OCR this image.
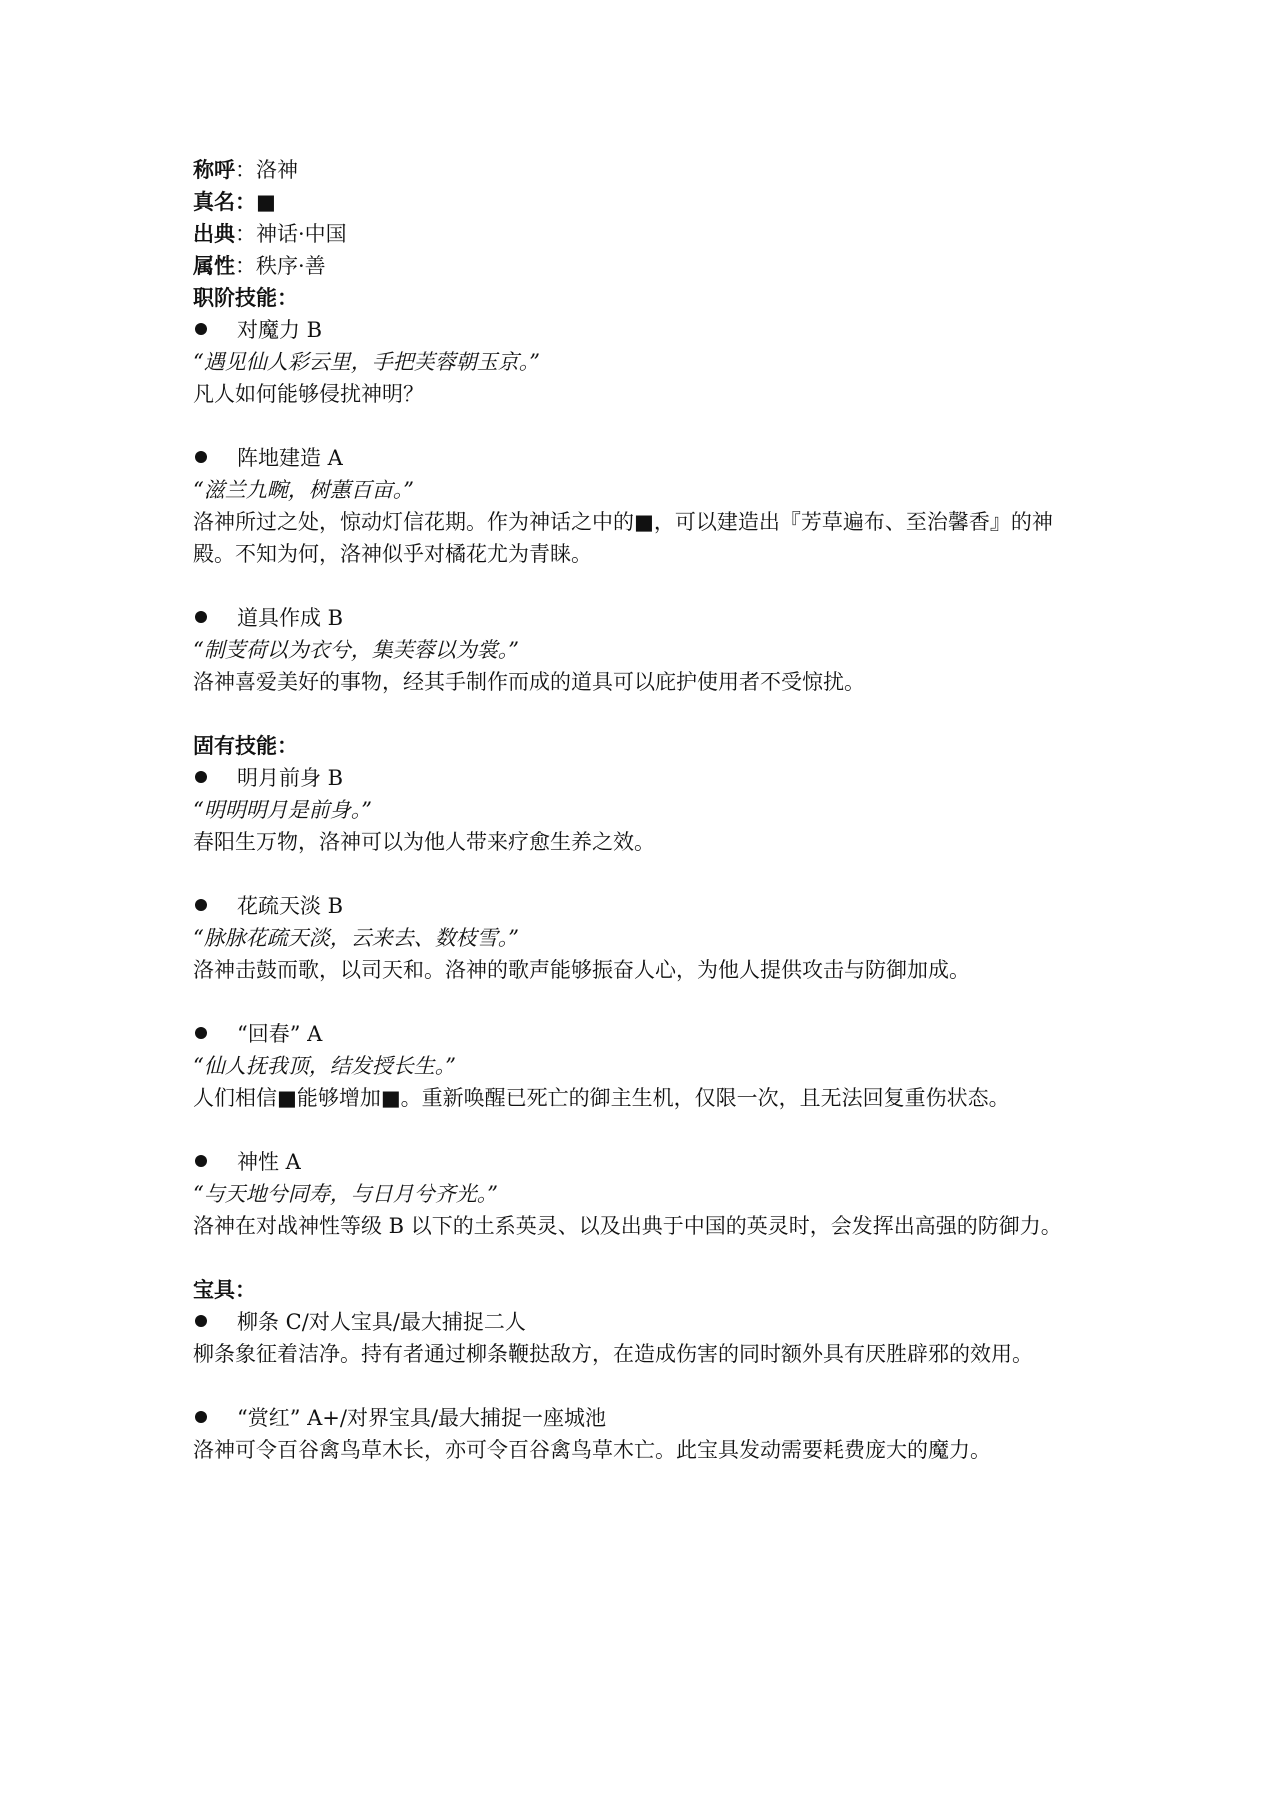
称呼 ： 洛神
真名 ： ■
出典 ： 神话·中国
属性 ： 秩序·善
职阶技能：
对魔力 B
“遇见仙人彩云里，手把芙蓉朝玉京。”
凡人如何能够侵扰神明？
阵地建造 A
“滋兰九畹，树蕙百亩。”
洛神所过之处，惊动灯信花期。作为神话之中的■，可以建造出『芳草遍布、至治馨香』的神殿。不知为何，洛神似乎对橘花尤为青睐。
道具作成 B
“制芰荷以为衣兮，集芙蓉以为裳。”
洛神喜爱美好的事物，经其手制作而成的道具可以庇护使用者不受惊扰。
固有技能：
明月前身 B
“明明明月是前身。”
春阳生万物，洛神可以为他人带来疗愈生养之效。
花疏天淡 B
“脉脉花疏天淡，云来去、数枝雪。”
洛神击鼓而歌，以司天和。洛神的歌声能够振奋人心，为他人提供攻击与防御加成。
“回春” A
“仙人抚我顶，结发授长生。”
人们相信■能够增加■。重新唤醒已死亡的御主生机，仅限一次，且无法回复重伤状态。
神性 A
“与天地兮同寿，与日月兮齐光。”
洛神在对战神性等级 B 以下的土系英灵、以及出典于中国的英灵时，会发挥出高强的防御力。
宝具：
柳条 C/对人宝具/最大捕捉二人
柳条象征着洁净。持有者通过柳条鞭挞敌方，在造成伤害的同时额外具有厌胜辟邪的效用。
“赏红” A+/对界宝具/最大捕捉一座城池
洛神可令百谷禽鸟草木长，亦可令百谷禽鸟草木亡。此宝具发动需要耗费庞大的魔力。
